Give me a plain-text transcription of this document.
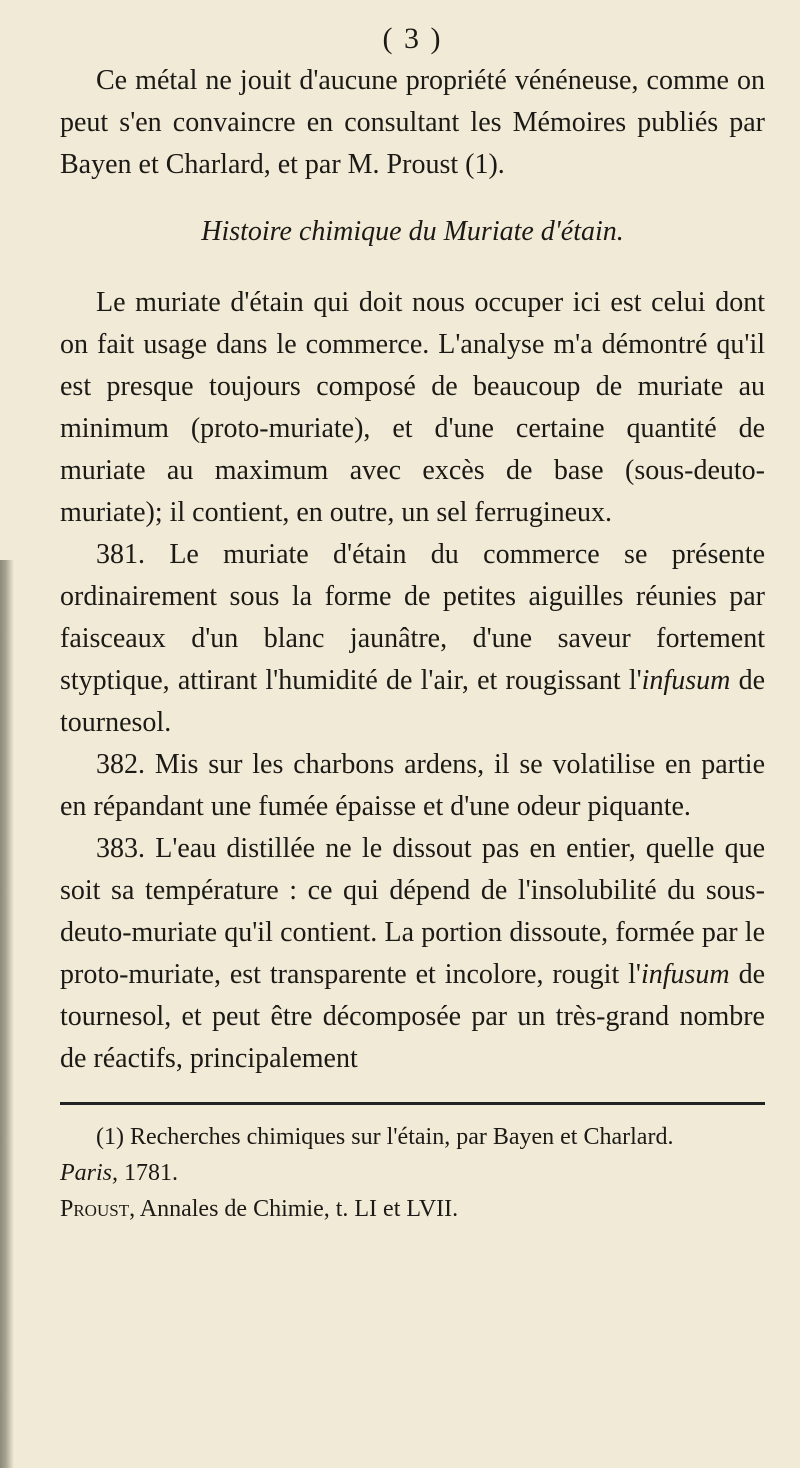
( 3 )

Ce métal ne jouit d'aucune propriété vénéneuse, comme on peut s'en convaincre en consultant les Mémoires publiés par Bayen et Charlard, et par M. Proust (1).

Histoire chimique du Muriate d'étain.

Le muriate d'étain qui doit nous occuper ici est celui dont on fait usage dans le commerce. L'analyse m'a démontré qu'il est presque toujours composé de beaucoup de muriate au minimum (proto-muriate), et d'une certaine quantité de muriate au maximum avec excès de base (sous-deuto-muriate); il contient, en outre, un sel ferrugineux.

381. Le muriate d'étain du commerce se présente ordinairement sous la forme de petites aiguilles réunies par faisceaux d'un blanc jaunâtre, d'une saveur fortement styptique, attirant l'humidité de l'air, et rougissant l'infusum de tournesol.

382. Mis sur les charbons ardens, il se volatilise en partie en répandant une fumée épaisse et d'une odeur piquante.

383. L'eau distillée ne le dissout pas en entier, quelle que soit sa température : ce qui dépend de l'insolubilité du sous-deuto-muriate qu'il contient. La portion dissoute, formée par le proto-muriate, est transparente et incolore, rougit l'infusum de tournesol, et peut être décomposée par un très-grand nombre de réactifs, principalement

(1) Recherches chimiques sur l'étain, par Bayen et Charlard.

Paris, 1781.

Proust, Annales de Chimie, t. LI et LVII.
